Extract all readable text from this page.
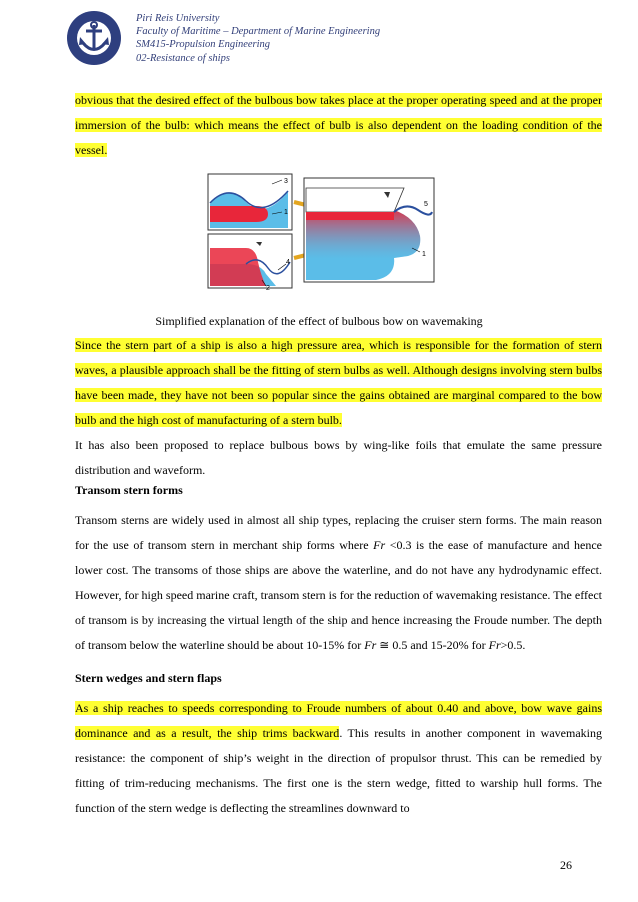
Piri Reis University
Faculty of Maritime – Department of Marine Engineering
SM415-Propulsion Engineering
02-Resistance of ships

obvious that the desired effect of the bulbous bow takes place at the proper operating speed and at the proper immersion of the bulb: which means the effect of bulb is also dependent on the loading condition of the vessel.

3
1
4
2
5
1
Simplified explanation of the effect of bulbous bow on wavemaking

Since the stern part of a ship is also a high pressure area, which is responsible for the formation of stern waves, a plausible approach shall be the fitting of stern bulbs as well. Although designs involving stern bulbs have been made, they have not been so popular since the gains obtained are marginal compared to the bow bulb and the high cost of manufacturing of a stern bulb.

It has also been proposed to replace bulbous bows by wing-like foils that emulate the same pressure distribution and waveform.

Transom stern forms

Transom sterns are widely used in almost all ship types, replacing the cruiser stern forms. The main reason for the use of transom stern in merchant ship forms where Fr <0.3 is the ease of manufacture and hence lower cost. The transoms of those ships are above the waterline, and do not have any hydrodynamic effect. However, for high speed marine craft, transom stern is for the reduction of wavemaking resistance. The effect of transom is by increasing the virtual length of the ship and hence increasing the Froude number. The depth of transom below the waterline should be about 10-15% for Fr ≅ 0.5 and 15-20% for Fr>0.5.

Stern wedges and stern flaps

As a ship reaches to speeds corresponding to Froude numbers of about 0.40 and above, bow wave gains dominance and as a result, the ship trims backward. This results in another component in wavemaking resistance: the component of ship’s weight in the direction of propulsor thrust. This can be remedied by fitting of trim-reducing mechanisms. The first one is the stern wedge, fitted to warship hull forms. The function of the stern wedge is deflecting the streamlines downward to

26
